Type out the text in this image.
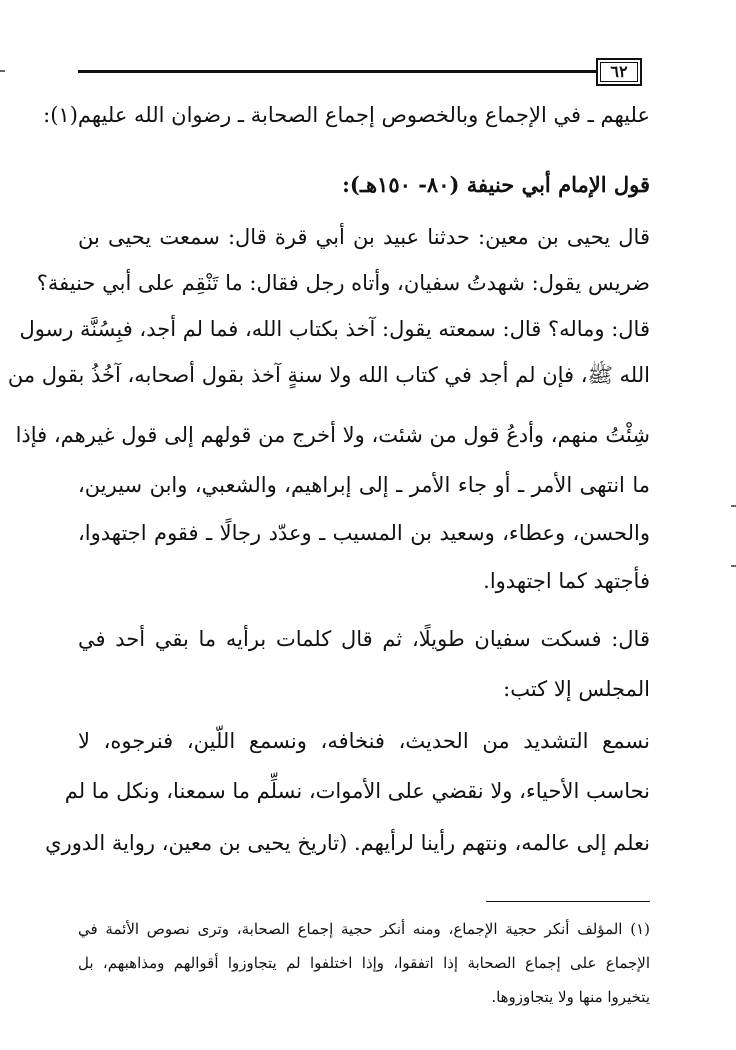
٦٢
عليهم ـ في الإجماع وبالخصوص إجماع الصحابة ـ رضوان الله عليهم(١):
قول الإمام أبي حنيفة (٨٠- ١٥٠هـ):
قال يحيى بن معين: حدثنا عبيد بن أبي قرة قال: سمعت يحيى بن
ضريس يقول: شهدتُ سفيان، وأتاه رجل فقال: ما تَنْقِم على أبي حنيفة؟
قال: وماله؟ قال: سمعته يقول: آخذ بكتاب الله، فما لم أجد، فبِسُنَّة رسول
الله ﷺ، فإن لم أجد في كتاب الله ولا سنةٍ آخذ بقول أصحابه، آخُذُ بقول من
شِئْتُ منهم، وأدعُ قول من شئت، ولا أخرج من قولهم إلى قول غيرهم، فإذا
ما انتهى الأمر ـ أو جاء الأمر ـ إلى إبراهيم، والشعبي، وابن سيرين،
والحسن، وعطاء، وسعيد بن المسيب ـ وعدّد رجالًا ـ فقوم اجتهدوا،
فأجتهد كما اجتهدوا.
قال: فسكت سفيان طويلًا، ثم قال كلمات برأيه ما بقي أحد في
المجلس إلا كتب:
نسمع التشديد من الحديث، فنخافه، ونسمع اللّين، فنرجوه، لا
نحاسب الأحياء، ولا نقضي على الأموات، نسلِّم ما سمعنا، ونكل ما لم
نعلم إلى عالمه، ونتهم رأينا لرأيهم. (تاريخ يحيى بن معين، رواية الدوري
(١) المؤلف أنكر حجية الإجماع، ومنه أنكر حجية إجماع الصحابة، وترى نصوص الأئمة في
الإجماع على إجماع الصحابة إذا اتفقوا، وإذا اختلفوا لم يتجاوزوا أقوالهم ومذاهبهم، بل
يتخيروا منها ولا يتجاوزوها.
